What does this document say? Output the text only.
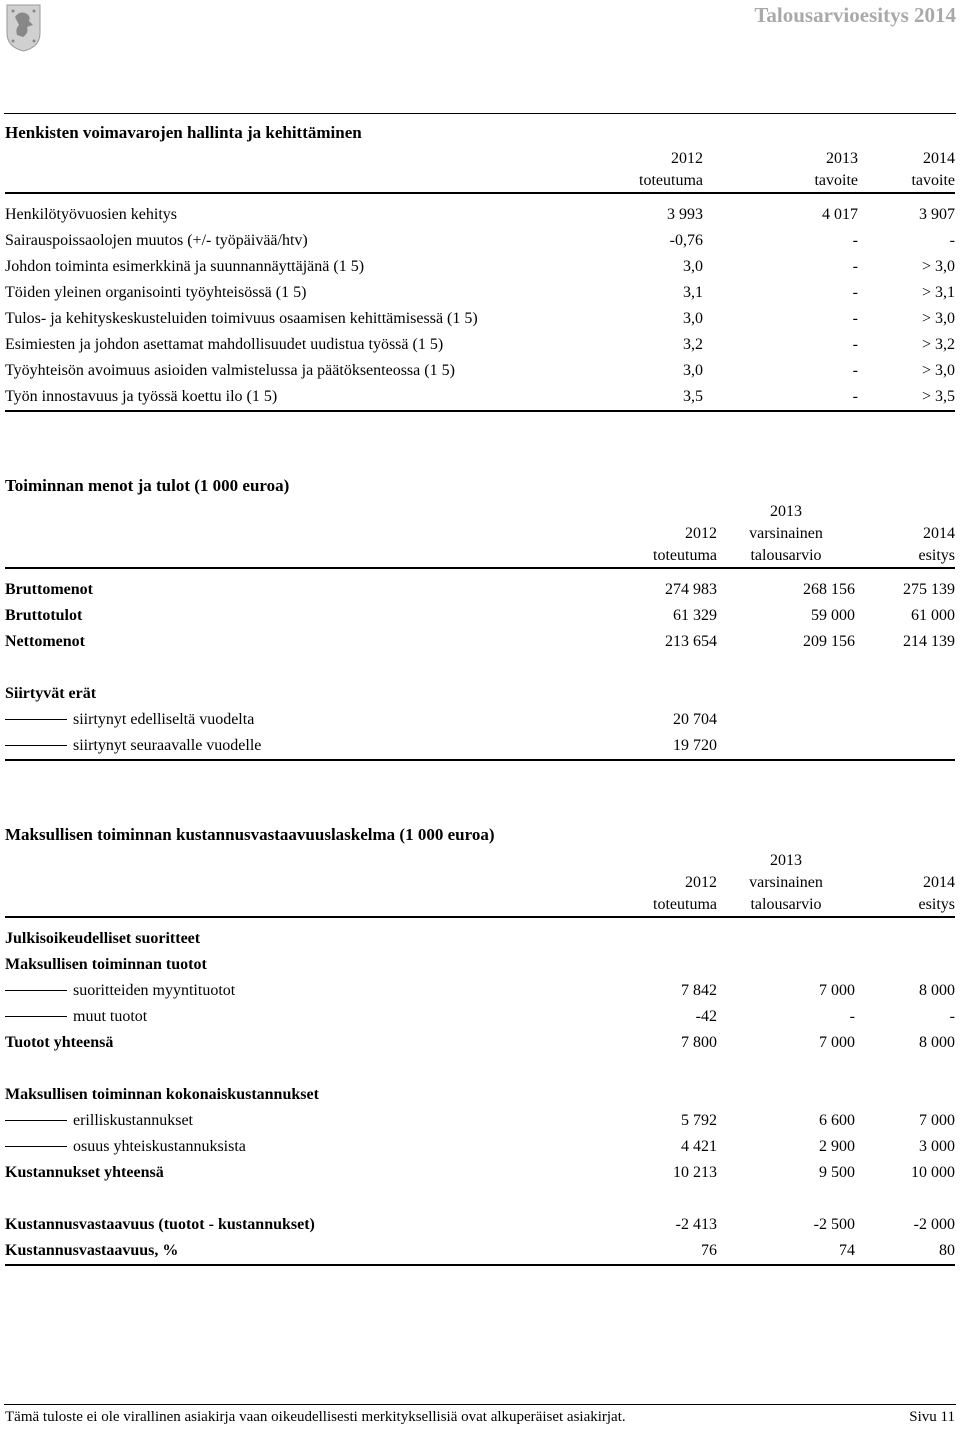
Talousarvioesitys 2014
Henkisten voimavarojen hallinta ja kehittäminen
	2012	2013	2014
	toteutuma	tavoite	tavoite

Henkilötyövuosien kehitys	3 993	4 017	3 907
Sairauspoissaolojen muutos (+/- työpäivää/htv)	-0,76	-	-
Johdon toiminta esimerkkinä ja suunnannäyttäjänä (1 5)	3,0	-	> 3,0
Töiden yleinen organisointi työyhteisössä (1 5)	3,1	-	> 3,1
Tulos- ja kehityskeskusteluiden toimivuus osaamisen kehittämisessä (1 5)	3,0	-	> 3,0
Esimiesten ja johdon asettamat mahdollisuudet uudistua työssä (1 5)	3,2	-	> 3,2
Työyhteisön avoimuus asioiden valmistelussa ja päätöksenteossa (1 5)	3,0	-	> 3,0
Työn innostavuus ja työssä koettu ilo (1 5)	3,5	-	> 3,5
Toiminnan menot ja tulot (1 000 euroa)
		2013	
	2012	varsinainen	2014
	toteutuma	talousarvio	esitys

Bruttomenot	274 983	268 156	275 139
Bruttotulot	61 329	59 000	61 000
Nettomenot	213 654	209 156	214 139

Siirtyvät erät			
siirtynyt edelliseltä vuodelta	20 704		
siirtynyt seuraavalle vuodelle	19 720		
Maksullisen toiminnan kustannusvastaavuuslaskelma (1 000 euroa)
		2013	
	2012	varsinainen	2014
	toteutuma	talousarvio	esitys

Julkisoikeudelliset suoritteet			
Maksullisen toiminnan tuotot			
suoritteiden myyntituotot	7 842	7 000	8 000
muut tuotot	-42	-	-
Tuotot yhteensä	7 800	7 000	8 000

Maksullisen toiminnan kokonaiskustannukset			
erilliskustannukset	5 792	6 600	7 000
osuus yhteiskustannuksista	4 421	2 900	3 000
Kustannukset yhteensä	10 213	9 500	10 000

Kustannusvastaavuus (tuotot - kustannukset)	-2 413	-2 500	-2 000
Kustannusvastaavuus, %	76	74	80
Tämä tuloste ei ole virallinen asiakirja vaan oikeudellisesti merkityksellisiä ovat alkuperäiset asiakirjat.	Sivu 11
